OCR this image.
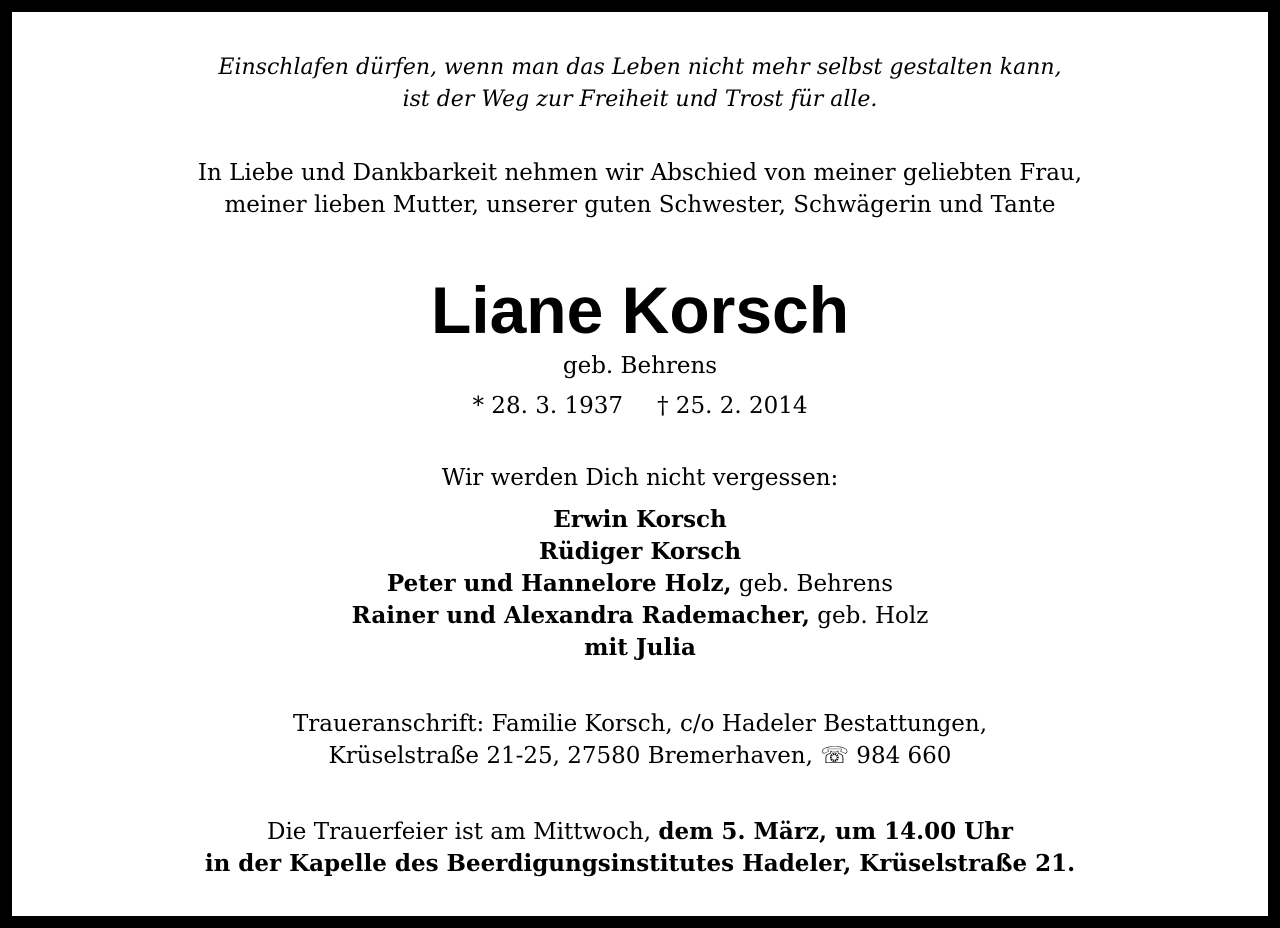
Einschlafen dürfen, wenn man das Leben nicht mehr selbst gestalten kann,
ist der Weg zur Freiheit und Trost für alle.
In Liebe und Dankbarkeit nehmen wir Abschied von meiner geliebten Frau,
meiner lieben Mutter, unserer guten Schwester, Schwägerin und Tante
Liane Korsch
geb. Behrens
* 28. 3. 1937 † 25. 2. 2014
Wir werden Dich nicht vergessen:
Erwin Korsch
Rüdiger Korsch
Peter und Hannelore Holz, geb. Behrens
Rainer und Alexandra Rademacher, geb. Holz
mit Julia
Traueranschrift: Familie Korsch, c/o Hadeler Bestattungen,
Krüselstraße 21-25, 27580 Bremerhaven, ☏ 984 660
Die Trauerfeier ist am Mittwoch, dem 5. März, um 14.00 Uhr
in der Kapelle des Beerdigungsinstitutes Hadeler, Krüselstraße 21.
